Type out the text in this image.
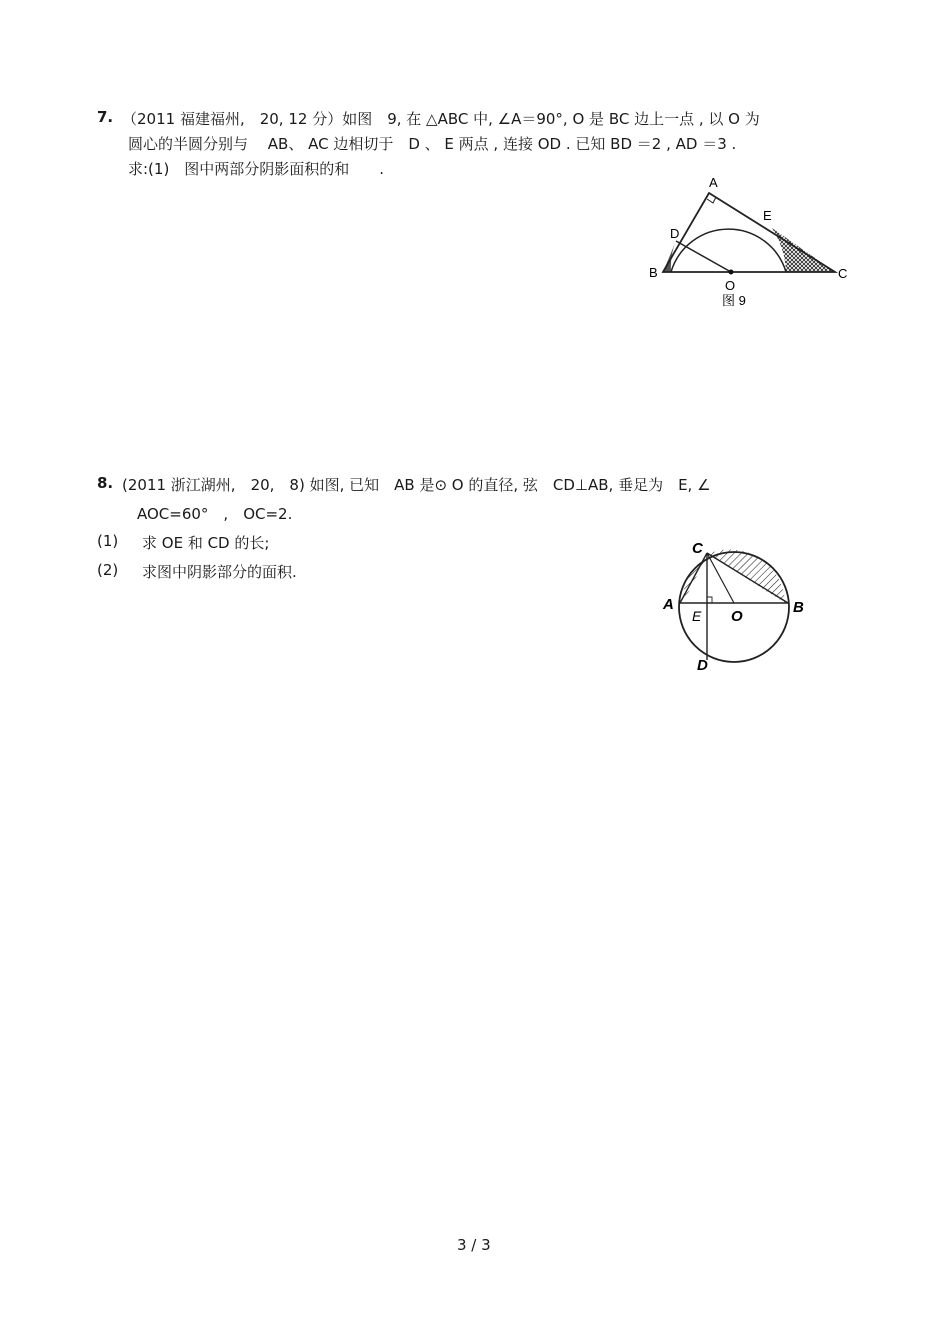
7. （2011 福建福州,　20, 12 分）如图　9, 在 △ABC 中, ∠A＝90°, O 是 BC 边上一点 , 以 O 为
圆心的半圆分别与　 AB、 AC 边相切于　D 、 E 两点 , 连接 OD . 已知 BD ＝2 , AD ＝3 .
求:(1)　图中两部分阴影面积的和　　.
A
E
D
B
O
C
图 9
8. (2011 浙江湖州,　20,　8) 如图, 已知　AB 是⊙ O 的直径, 弦　CD⊥AB, 垂足为　E, ∠
AOC=60°　,　OC=2.
(1) 求 OE 和 CD 的长;
(2) 求图中阴影部分的面积.
C
A
E O
B
D
3 / 3
